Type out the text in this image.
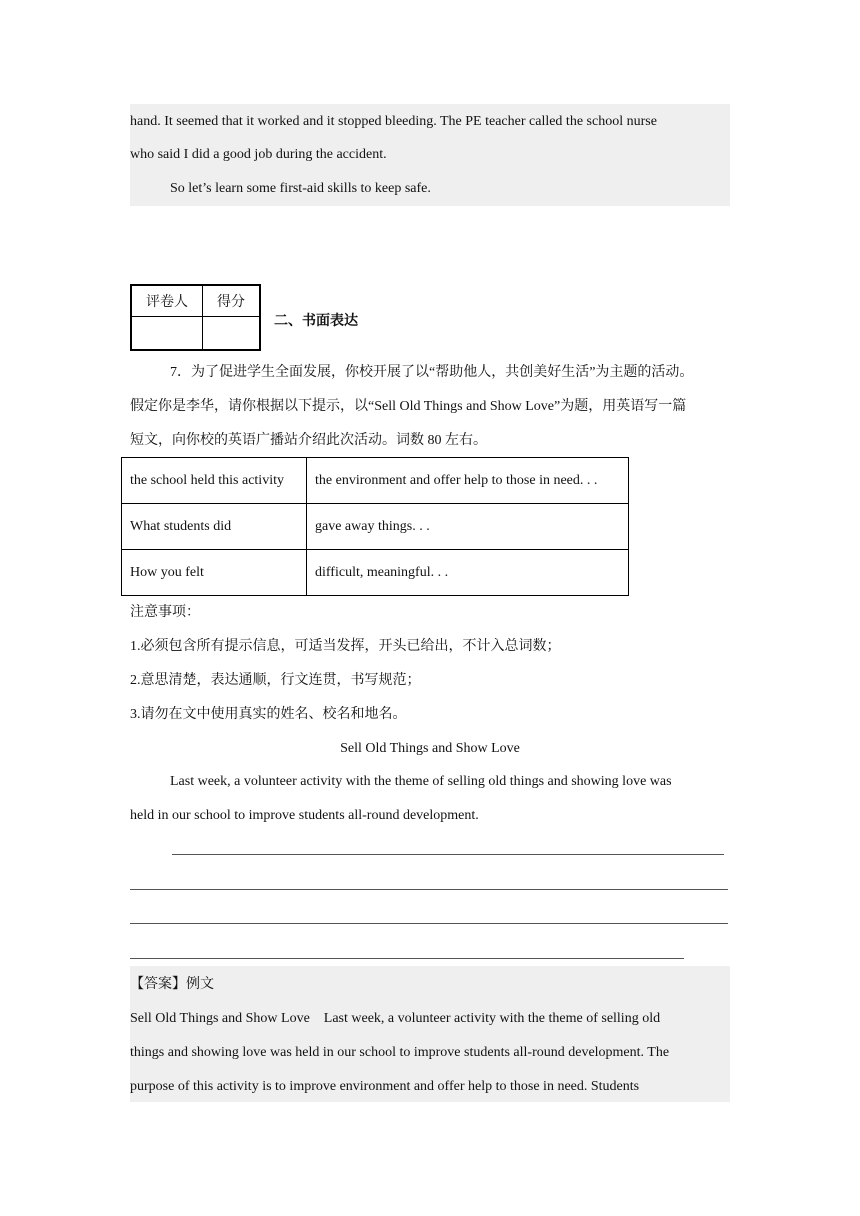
hand. It seemed that it worked and it stopped bleeding. The PE teacher called the school nurse
who said I did a good job during the accident.
So let’s learn some first-aid skills to keep safe.
评卷人	得分

二、书面表达
7．为了促进学生全面发展，你校开展了以“帮助他人，共创美好生活”为主题的活动。
假定你是李华，请你根据以下提示，以“Sell Old Things and Show Love”为题，用英语写一篇
短文，向你校的英语广播站介绍此次活动。词数 80 左右。
the school held this activity	the environment and offer help to those in need. . .
What students did	gave away things. . .
How you felt	difficult, meaningful. . .
注意事项：
1.必须包含所有提示信息，可适当发挥，开头已给出，不计入总词数；
2.意思清楚，表达通顺，行文连贯，书写规范；
3.请勿在文中使用真实的姓名、校名和地名。
Sell Old Things and Show Love
Last week, a volunteer activity with the theme of selling old things and showing love was
held in our school to improve students all-round development.
【答案】例文
Sell Old Things and Show Love    Last week, a volunteer activity with the theme of selling old
things and showing love was held in our school to improve students all-round development. The
purpose of this activity is to improve environment and offer help to those in need. Students
